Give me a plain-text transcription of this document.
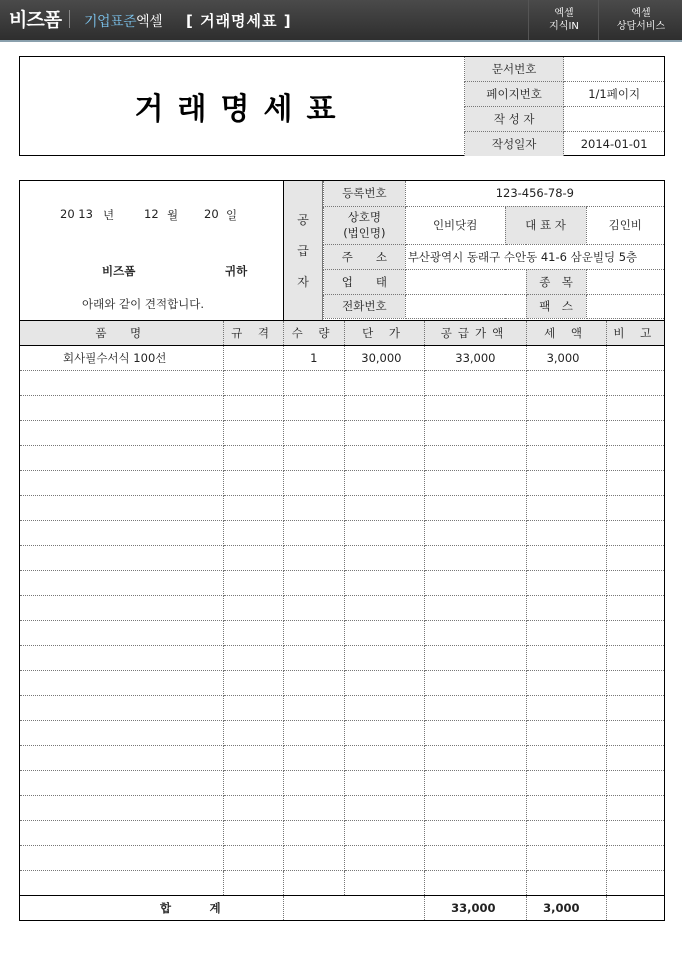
비즈폼 기업표준엑셀 [ 거래명세표 ]	엑셀
지식IN
엑셀
상담서비스
거래명세표
문서번호	
페이지번호	1/1페이지
작 성 자	
작성일자	2014-01-01
20 13 년	12 월 20 일
비즈폼	귀하
아래와 같이 견적합니다.
공
급
자
등록번호	123-456-78-9			
상호명
(법인명)	인비닷컴	대 표 자		김인비
주　　소	부산광역시 동래구 수안동 41-6 삼운빌딩 5층			
업　　태			종　목	
전화번호			팩　스	
품　명	규 격	수 량	단 가	공급가액	세 액	비 고
회사필수서식 100선		1	30,000	33,000	3,000	

합		계		33,000	3,000	
